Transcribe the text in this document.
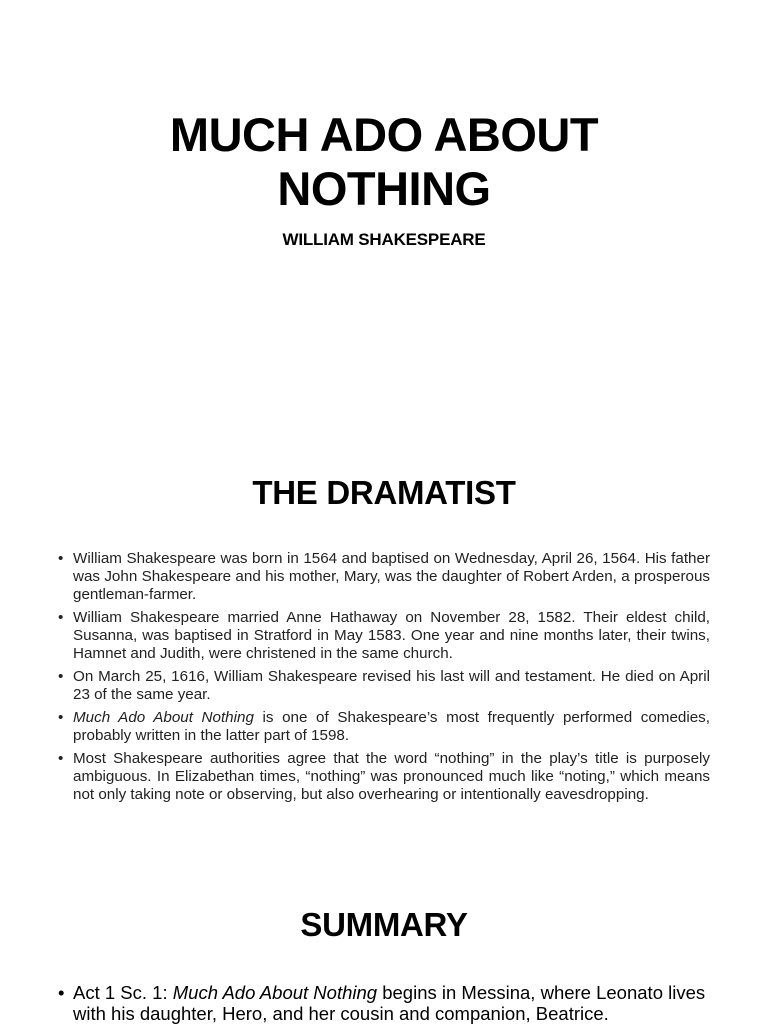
MUCH ADO ABOUT
NOTHING

WILLIAM SHAKESPEARE

THE DRAMATIST
• William Shakespeare was born in 1564 and baptised on Wednesday, April 26, 1564. His father was John Shakespeare and his mother, Mary, was the daughter of Robert Arden, a prosperous gentleman-farmer.
• William Shakespeare married Anne Hathaway on November 28, 1582. Their eldest child, Susanna, was baptised in Stratford in May 1583. One year and nine months later, their twins, Hamnet and Judith, were christened in the same church.
• On March 25, 1616, William Shakespeare revised his last will and testament. He died on April 23 of the same year.
• Much Ado About Nothing is one of Shakespeare’s most frequently performed comedies, probably written in the latter part of 1598.
• Most Shakespeare authorities agree that the word “nothing” in the play’s title is purposely ambiguous. In Elizabethan times, “nothing” was pronounced much like “noting,” which means not only taking note or observing, but also overhearing or intentionally eavesdropping.
SUMMARY
• Act 1 Sc. 1: Much Ado About Nothing begins in Messina, where Leonato lives with his daughter, Hero, and her cousin and companion, Beatrice.
